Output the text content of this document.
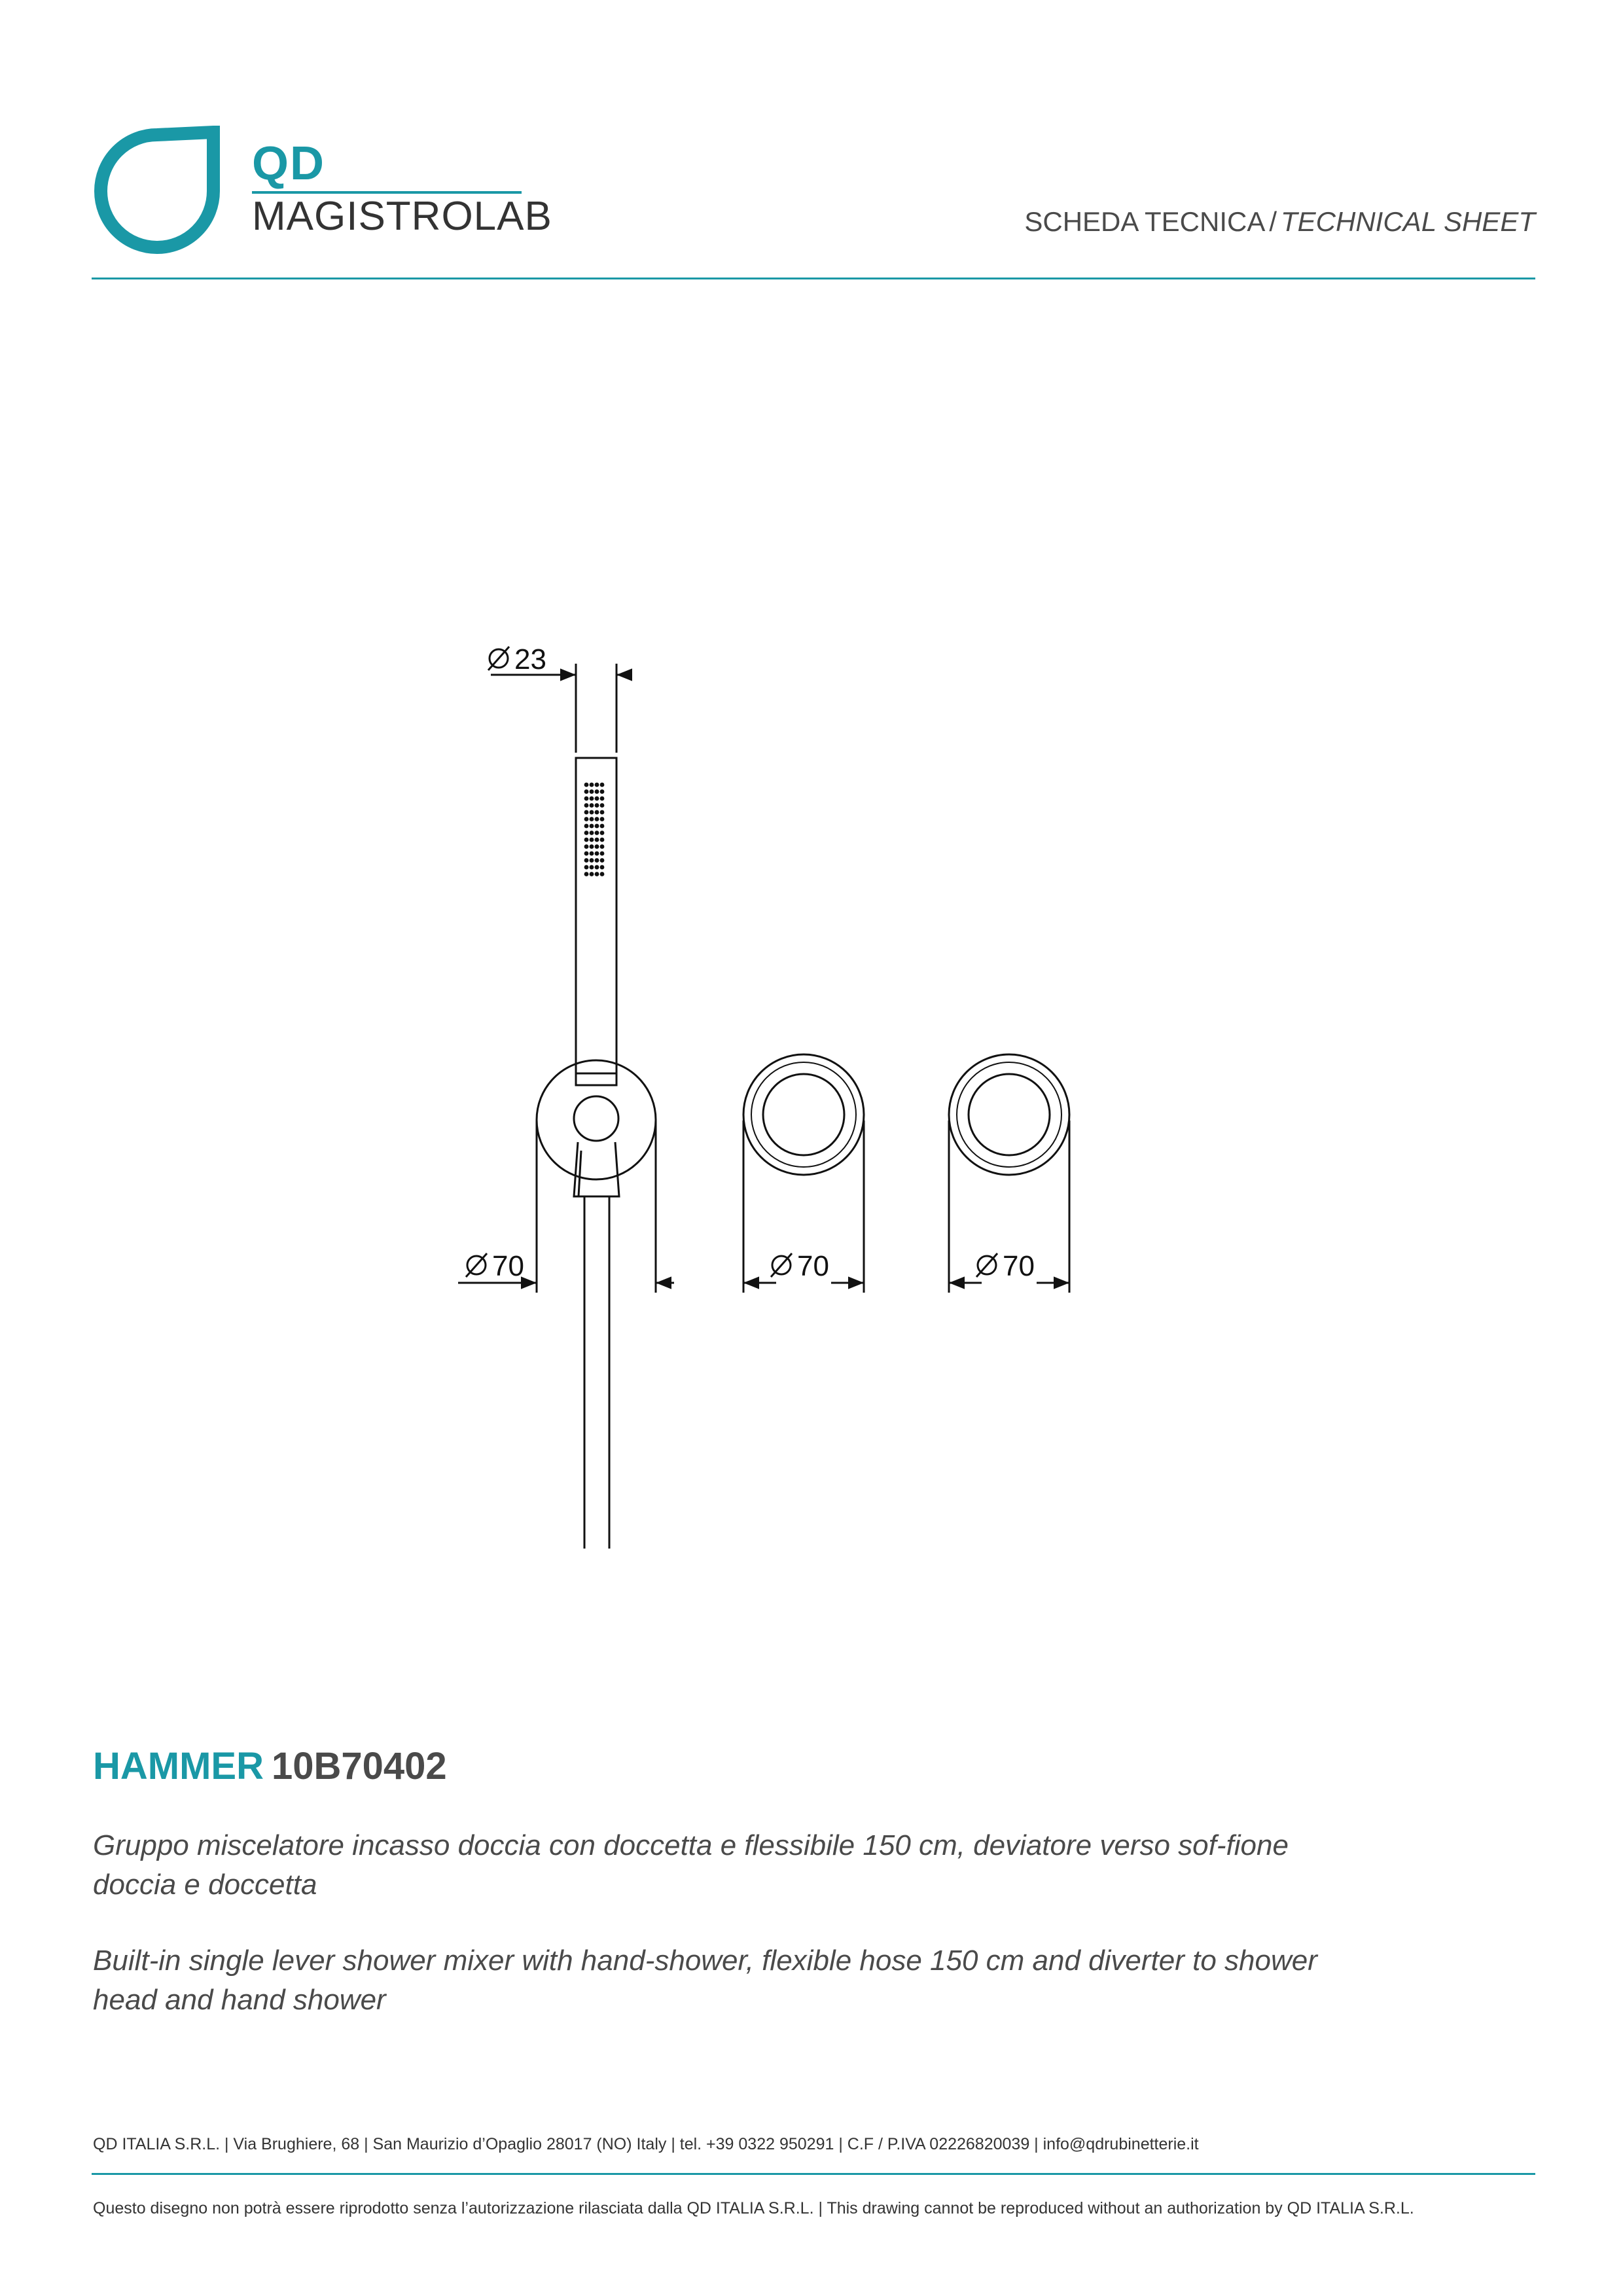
QD
MAGISTROLAB	SCHEDA TECNICA / TECHNICAL SHEET
23
70	70	70
HAMMER 10B70402

Gruppo miscelatore incasso doccia con doccetta e flessibile 150 cm, deviatore verso sof-fione doccia e doccetta

Built-in single lever shower mixer with hand-shower, flexible hose 150 cm and diverter to shower head and hand shower

QD ITALIA S.R.L. | Via Brughiere, 68 | San Maurizio d’Opaglio 28017 (NO) Italy | tel. +39 0322 950291 | C.F / P.IVA 02226820039 | info@qdrubinetterie.it
Questo disegno non potrà essere riprodotto senza l’autorizzazione rilasciata dalla QD ITALIA S.R.L. | This drawing cannot be reproduced without an authorization by QD ITALIA S.R.L.
